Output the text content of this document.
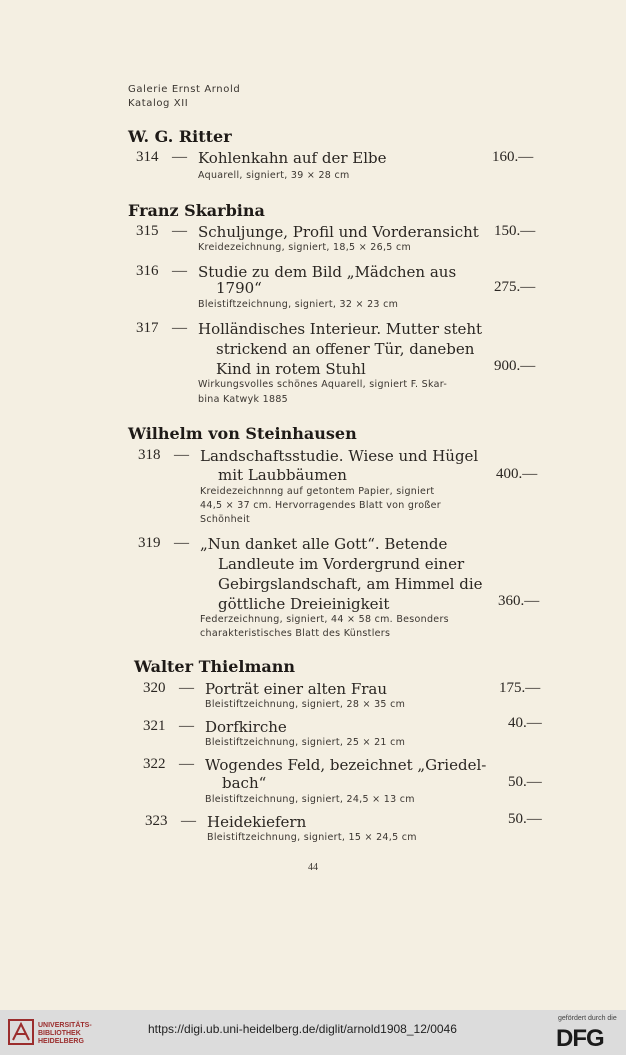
Galerie Ernst Arnold
Katalog XII
W. G. Ritter
314 — Kohlenkahn auf der Elbe	160.—
Aquarell, signiert, 39 × 28 cm
Franz Skarbina
315 — Schuljunge, Profil und Vorderansicht 150.—
Kreidezeichnung, signiert, 18,5 × 26,5 cm
316 — Studie zu dem Bild „Mädchen aus
1790“	275.—
Bleistiftzeichnung, signiert, 32 × 23 cm
317 — Holländisches Interieur. Mutter steht
strickend an offener Tür, daneben
Kind in rotem Stuhl	900.—
Wirkungsvolles schönes Aquarell, signiert F. Skar-
bina Katwyk 1885
Wilhelm von Steinhausen
318 — Landschaftsstudie. Wiese und Hügel
mit Laubbäumen	400.—
Kreidezeichnnng auf getontem Papier, signiert
44,5 × 37 cm. Hervorragendes Blatt von großer
Schönheit
319 — „Nun danket alle Gott“. Betende
Landleute im Vordergrund einer
Gebirgslandschaft, am Himmel die
göttliche Dreieinigkeit	360.—
Federzeichnung, signiert, 44 × 58 cm. Besonders
charakteristisches Blatt des Künstlers
Walter Thielmann
320 — Porträt einer alten Frau	175.—
Bleistiftzeichnung, signiert, 28 × 35 cm
321 — Dorfkirche	40.—
Bleistiftzeichnung, signiert, 25 × 21 cm
322 — Wogendes Feld, bezeichnet „Griedel-
bach“	50.—
Bleistiftzeichnung, signiert, 24,5 × 13 cm
323 — Heidekiefern	50.—
Bleistiftzeichnung, signiert, 15 × 24,5 cm
44
UNIVERSITÄTS-
BIBLIOTHEK
HEIDELBERG
https://digi.ub.uni-heidelberg.de/diglit/arnold1908_12/0046
gefördert durch die
DFG
